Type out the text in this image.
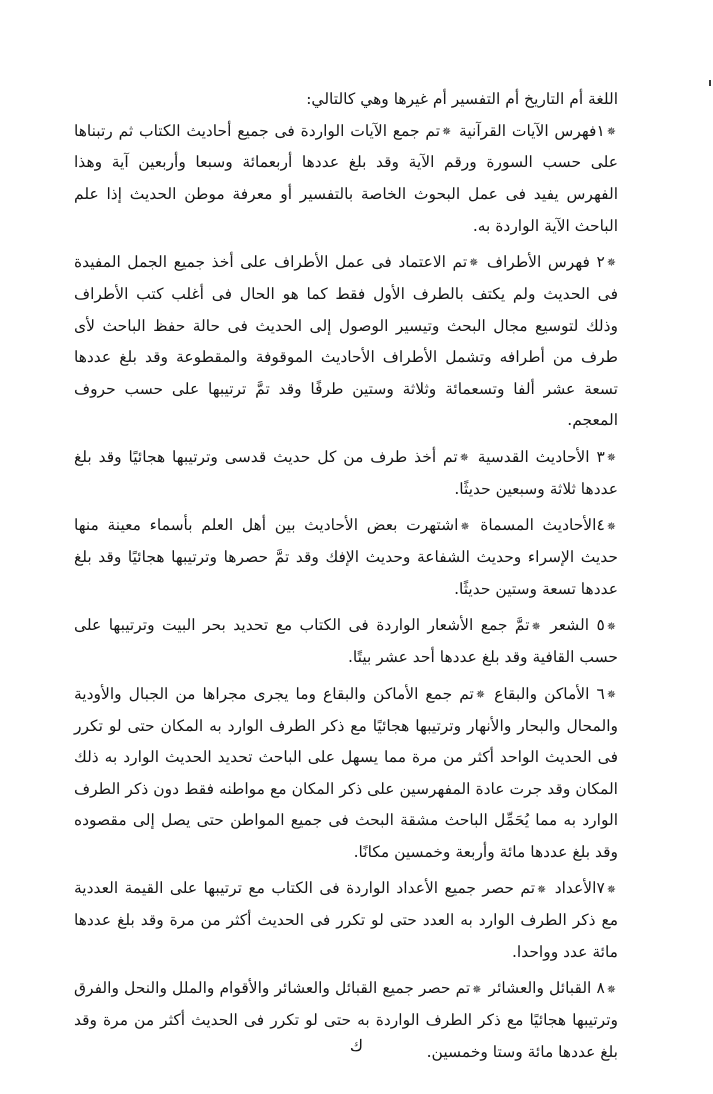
اللغة أم التاريخ أم التفسير أم غيرها وهي كالتالي:

✵١فهرس الآيات القرآنية ✵تم جمع الآيات الواردة فى جميع أحاديث الكتاب ثم رتبناها على حسب السورة ورقم الآية وقد بلغ عددها أربعمائة وسبعا وأربعين آية وهذا الفهرس يفيد فى عمل البحوث الخاصة بالتفسير أو معرفة موطن الحديث إذا علم الباحث الآية الواردة به.

✵٢ فهرس الأطراف ✵تم الاعتماد فى عمل الأطراف على أخذ جميع الجمل المفيدة فى الحديث ولم يكتف بالطرف الأول فقط كما هو الحال فى أغلب كتب الأطراف وذلك لتوسيع مجال البحث وتيسير الوصول إلى الحديث فى حالة حفظ الباحث لأى طرف من أطرافه وتشمل الأطراف الأحاديث الموقوفة والمقطوعة وقد بلغ عددها تسعة عشر ألفا وتسعمائة وثلاثة وستين طرفًا وقد تمَّ ترتيبها على حسب حروف المعجم.

✵٣ الأحاديث القدسية ✵تم أخذ طرف من كل حديث قدسى وترتيبها هجائيًا وقد بلغ عددها ثلاثة وسبعين حديثًا.

✵٤الأحاديث المسماة ✵اشتهرت بعض الأحاديث بين أهل العلم بأسماء معينة منها حديث الإسراء وحديث الشفاعة وحديث الإفك وقد تمَّ حصرها وترتيبها هجائيًا وقد بلغ عددها تسعة وستين حديثًا.

✵٥ الشعر ✵تمَّ جمع الأشعار الواردة فى الكتاب مع تحديد بحر البيت وترتيبها على حسب القافية وقد بلغ عددها أحد عشر بيتًا.

✵٦ الأماكن والبقاع ✵تم جمع الأماكن والبقاع وما يجرى مجراها من الجبال والأودية والمحال والبحار والأنهار وترتيبها هجائيًا مع ذكر الطرف الوارد به المكان حتى لو تكرر فى الحديث الواحد أكثر من مرة مما يسهل على الباحث تحديد الحديث الوارد به ذلك المكان وقد جرت عادة المفهرسين على ذكر المكان مع مواطنه فقط دون ذكر الطرف الوارد به مما يُحَمِّل الباحث مشقة البحث فى جميع المواطن حتى يصل إلى مقصوده وقد بلغ عددها مائة وأربعة وخمسين مكانًا.

✵٧الأعداد ✵تم حصر جميع الأعداد الواردة فى الكتاب مع ترتيبها على القيمة العددية مع ذكر الطرف الوارد به العدد حتى لو تكرر فى الحديث أكثر من مرة وقد بلغ عددها مائة عدد وواحدا.

✵٨ القبائل والعشائر ✵تم حصر جميع القبائل والعشائر والأقوام والملل والنحل والفرق وترتيبها هجائيًا مع ذكر الطرف الواردة به حتى لو تكرر فى الحديث أكثر من مرة وقد بلغ عددها مائة وستا وخمسين.

ك
